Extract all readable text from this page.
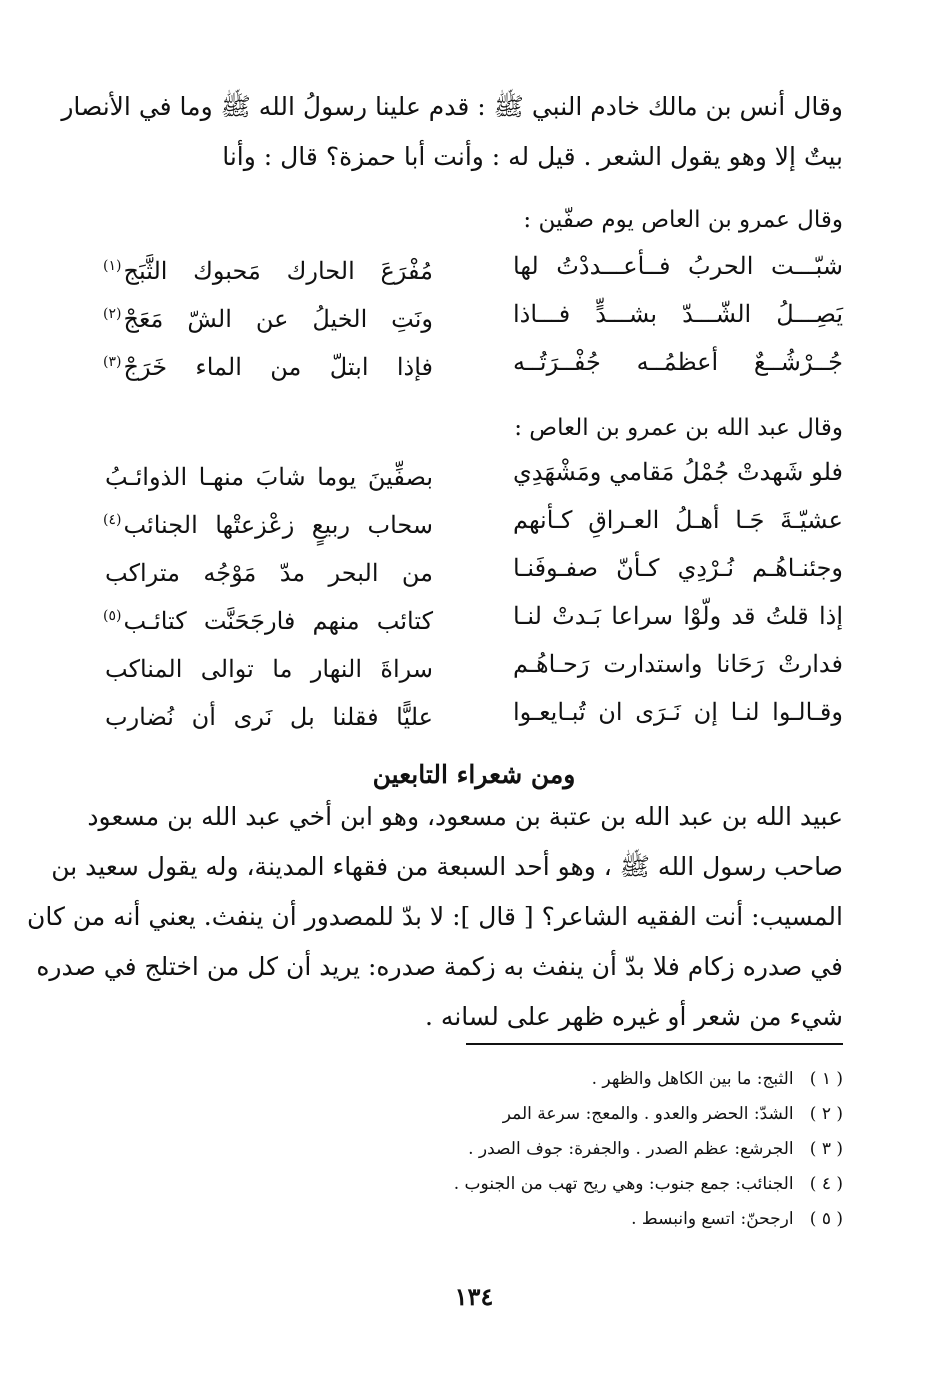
وقال أنس بن مالك خادم النبي ﷺ : قدم علينا رسولُ الله ﷺ وما في الأنصار
بيتٌ إلا وهو يقول الشعر . قيل له : وأنت أبا حمزة؟ قال : وأنا

وقال عمرو بن العاص يوم صفّين :
شبّـــت الحربُ فــأعـــددْتُ لها
مُفْرَعَ الحارك مَحبوك الثَّبَج$^{(١)}$
يَصِـــلُ الشّـــدّ بشـــدٍّ فـــاذا
ونَتِ الخيلُ عن الشّ مَعَجْ$^{(٢)}$
جُــرْشُــعٌ أعظمُــه جُفْــرَتُــه
فإذا ابتلّ من الماء خَرَجْ$^{(٣)}$
وقال عبد الله بن عمرو بن العاص :
فلو شَهدتْ جُمْلُ مَقامي ومَشْهَدِي
بصفِّينَ يوما شابَ منهـا الذوائـبُ
عشيّـةَ جَـا أهـلُ العـراقِ كـأنهم
سحاب ربيعٍ زعْزعتْها الجنائب$^{(٤)}$
وجئنـاهُـم نُـرْدِي كـأنّ صفـوفَنـا
من البحر مدّ مَوْجُه متراكب
إذا قلتُ قد ولّوْا سراعا بَـدتْ لنـا
كتائب منهم فارجَحَنَّت كتائـب$^{(٥)}$
فدارتْ رَحَانا واستدارت رَحـاهُـم
سراةَ النهار ما توالى المناكب
وقـالـوا لنـا إن نَـرَى ان تُبـايعـوا
عليًّا فقلنا بل نَرى أن نُضارب
ومن شعراء التابعين

عبيد الله بن عبد الله بن عتبة بن مسعود، وهو ابن أخي عبد الله بن مسعود
صاحب رسول الله ﷺ ، وهو أحد السبعة من فقهاء المدينة، وله يقول سعيد بن
المسيب: أنت الفقيه الشاعر؟ [ قال ]: لا بدّ للمصدور أن ينفث. يعني أنه من كان
في صدره زكام فلا بدّ أن ينفث به زكمة صدره: يريد أن كل من اختلج في صدره
شيء من شعر أو غيره ظهر على لسانه .

( ١ ) الثبج: ما بين الكاهل والظهر .
( ٢ ) الشدّ: الحضر والعدو . والمعج: سرعة المر
( ٣ ) الجرشع: عظم الصدر . والجفرة: جوف الصدر .
( ٤ ) الجنائب: جمع جنوب: وهي ريح تهب من الجنوب .
( ٥ ) ارجحنّ: اتسع وانبسط .
١٣٤
